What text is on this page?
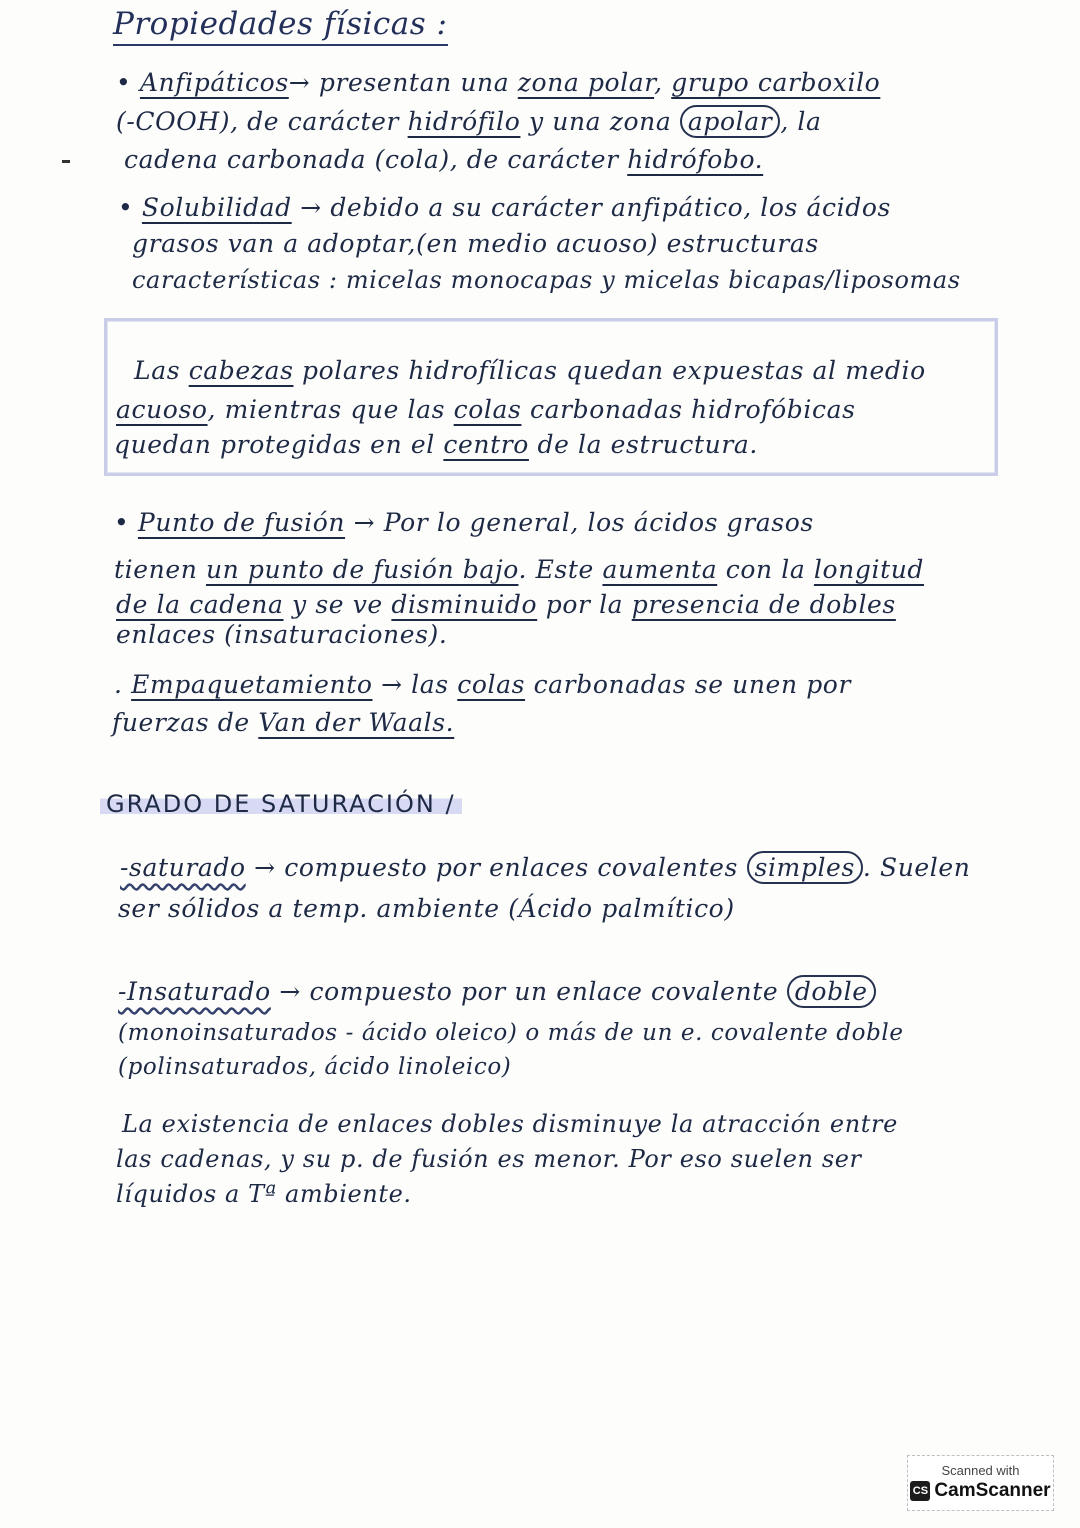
Propiedades físicas :
• Anfipáticos→ presentan una zona polar, grupo carboxilo
(-COOH), de carácter hidrófilo y una zona apolar , la
cadena carbonada (cola), de carácter hidrófobo.
• Solubilidad → debido a su carácter anfipático, los ácidos
grasos van a adoptar,(en medio acuoso) estructuras
características : micelas monocapas y micelas bicapas/liposomas
Las cabezas polares hidrofílicas quedan expuestas al medio
acuoso, mientras que las colas carbonadas hidrofóbicas
quedan protegidas en el centro de la estructura.
• Punto de fusión → Por lo general, los ácidos grasos
tienen un punto de fusión bajo. Este aumenta con la longitud
de la cadena y se ve disminuido por la presencia de dobles
enlaces (insaturaciones).
. Empaquetamiento → las colas carbonadas se unen por
fuerzas de Van der Waals.
GRADO DE SATURACIÓN /
-saturado → compuesto por enlaces covalentes simples . Suelen
ser sólidos a temp. ambiente (Ácido palmítico)
-Insaturado → compuesto por un enlace covalente doble
(monoinsaturados - ácido oleico) o más de un e. covalente doble
(polinsaturados, ácido linoleico)
La existencia de enlaces dobles disminuye la atracción entre
las cadenas, y su p. de fusión es menor. Por eso suelen ser
líquidos a Tª ambiente.
Scanned with
CS CamScanner
